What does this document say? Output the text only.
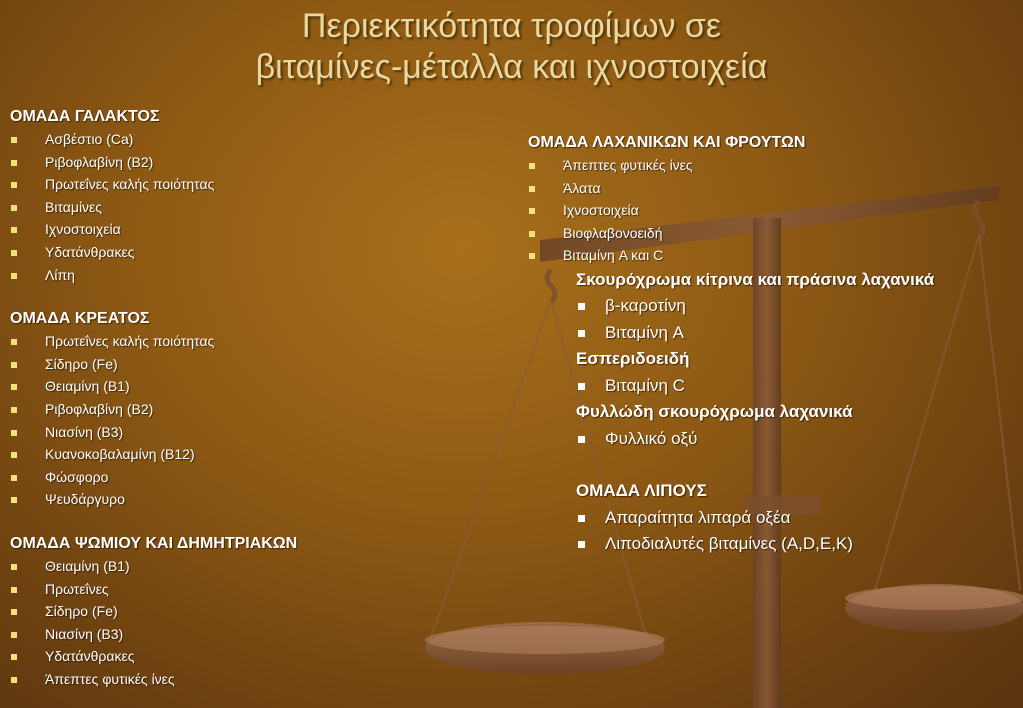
Περιεκτικότητα τροφίμων σε
βιταμίνες-μέταλλα και ιχνοστοιχεία
ΟΜΑΔΑ ΓΑΛΑΚΤΟΣ
Ασβέστιο (Ca)
Ριβοφλαβίνη (B2)
Πρωτεΐνες καλής ποιότητας
Βιταμίνες
Ιχνοστοιχεία
Υδατάνθρακες
Λίπη
ΟΜΑΔΑ ΚΡΕΑΤΟΣ
Πρωτεΐνες καλής ποιότητας
Σίδηρο (Fe)
Θειαμίνη (B1)
Ριβοφλαβίνη (B2)
Νιασίνη (B3)
Κυανοκοβαλαμίνη (B12)
Φώσφορο
Ψευδάργυρο
ΟΜΑΔΑ ΨΩΜΙΟΥ ΚΑΙ ΔΗΜΗΤΡΙΑΚΩΝ
Θειαμίνη (B1)
Πρωτεΐνες
Σίδηρο (Fe)
Νιασίνη (B3)
Υδατάνθρακες
Άπεπτες φυτικές ίνες
ΟΜΑΔΑ ΛΑΧΑΝΙΚΩΝ ΚΑΙ ΦΡΟΥΤΩΝ
Άπεπτες φυτικές ίνες
Άλατα
Ιχνοστοιχεία
Βιοφλαβονοειδή
Βιταμίνη A και C
Σκουρόχρωμα κίτρινα και πράσινα λαχανικά
β-καροτίνη
Βιταμίνη A
Εσπεριδοειδή
Βιταμίνη C
Φυλλώδη σκουρόχρωμα λαχανικά
Φυλλικό οξύ
ΟΜΑΔΑ ΛΙΠΟΥΣ
Απαραίτητα λιπαρά οξέα
Λιποδιαλυτές βιταμίνες (A,D,E,K)
